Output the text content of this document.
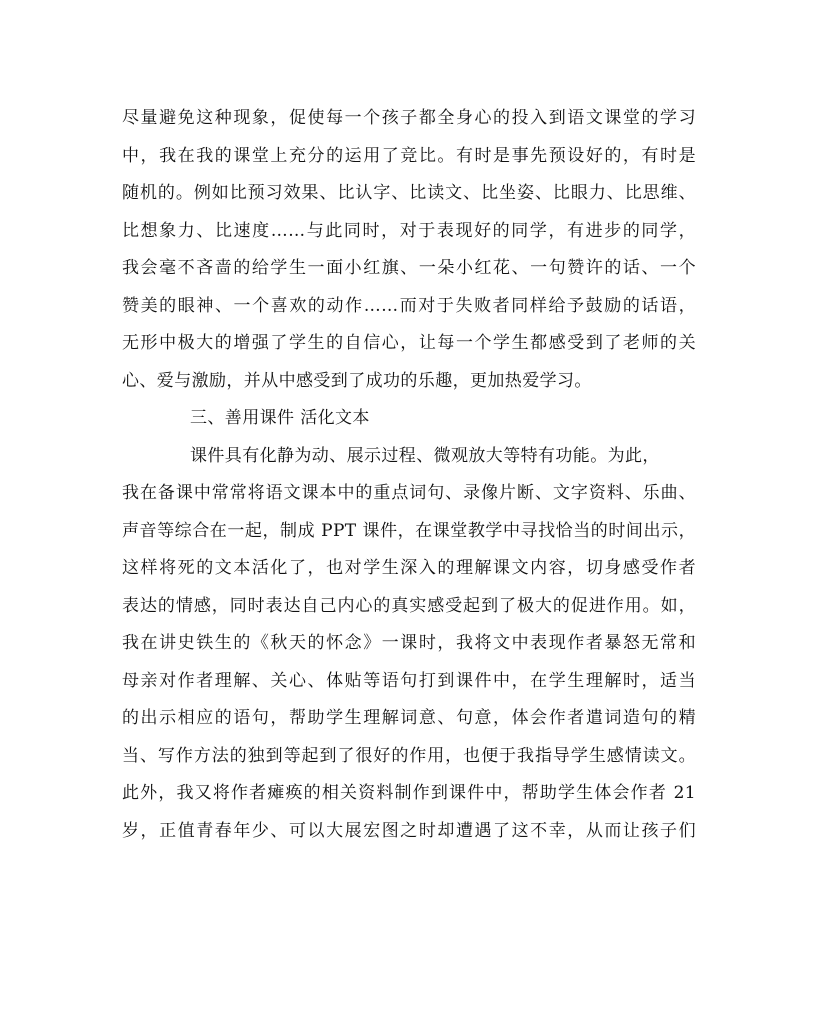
尽量避免这种现象，促使每一个孩子都全身心的投入到语文课堂的学习
中，我在我的课堂上充分的运用了竞比。有时是事先预设好的，有时是
随机的。例如比预习效果、比认字、比读文、比坐姿、比眼力、比思维、
比想象力、比速度……与此同时，对于表现好的同学，有进步的同学，
我会毫不吝啬的给学生一面小红旗、一朵小红花、一句赞许的话、一个
赞美的眼神、一个喜欢的动作……而对于失败者同样给予鼓励的话语，
无形中极大的增强了学生的自信心，让每一个学生都感受到了老师的关
心、爱与激励，并从中感受到了成功的乐趣，更加热爱学习。
三、善用课件 活化文本
课件具有化静为动、展示过程、微观放大等特有功能。为此，
我在备课中常常将语文课本中的重点词句、录像片断、文字资料、乐曲、
声音等综合在一起，制成 PPT 课件，在课堂教学中寻找恰当的时间出示，
这样将死的文本活化了，也对学生深入的理解课文内容，切身感受作者
表达的情感，同时表达自己内心的真实感受起到了极大的促进作用。如，
我在讲史铁生的《秋天的怀念》一课时，我将文中表现作者暴怒无常和
母亲对作者理解、关心、体贴等语句打到课件中，在学生理解时，适当
的出示相应的语句，帮助学生理解词意、句意，体会作者遣词造句的精
当、写作方法的独到等起到了很好的作用，也便于我指导学生感情读文。
此外，我又将作者瘫痪的相关资料制作到课件中，帮助学生体会作者 21
岁，正值青春年少、可以大展宏图之时却遭遇了这不幸，从而让孩子们
